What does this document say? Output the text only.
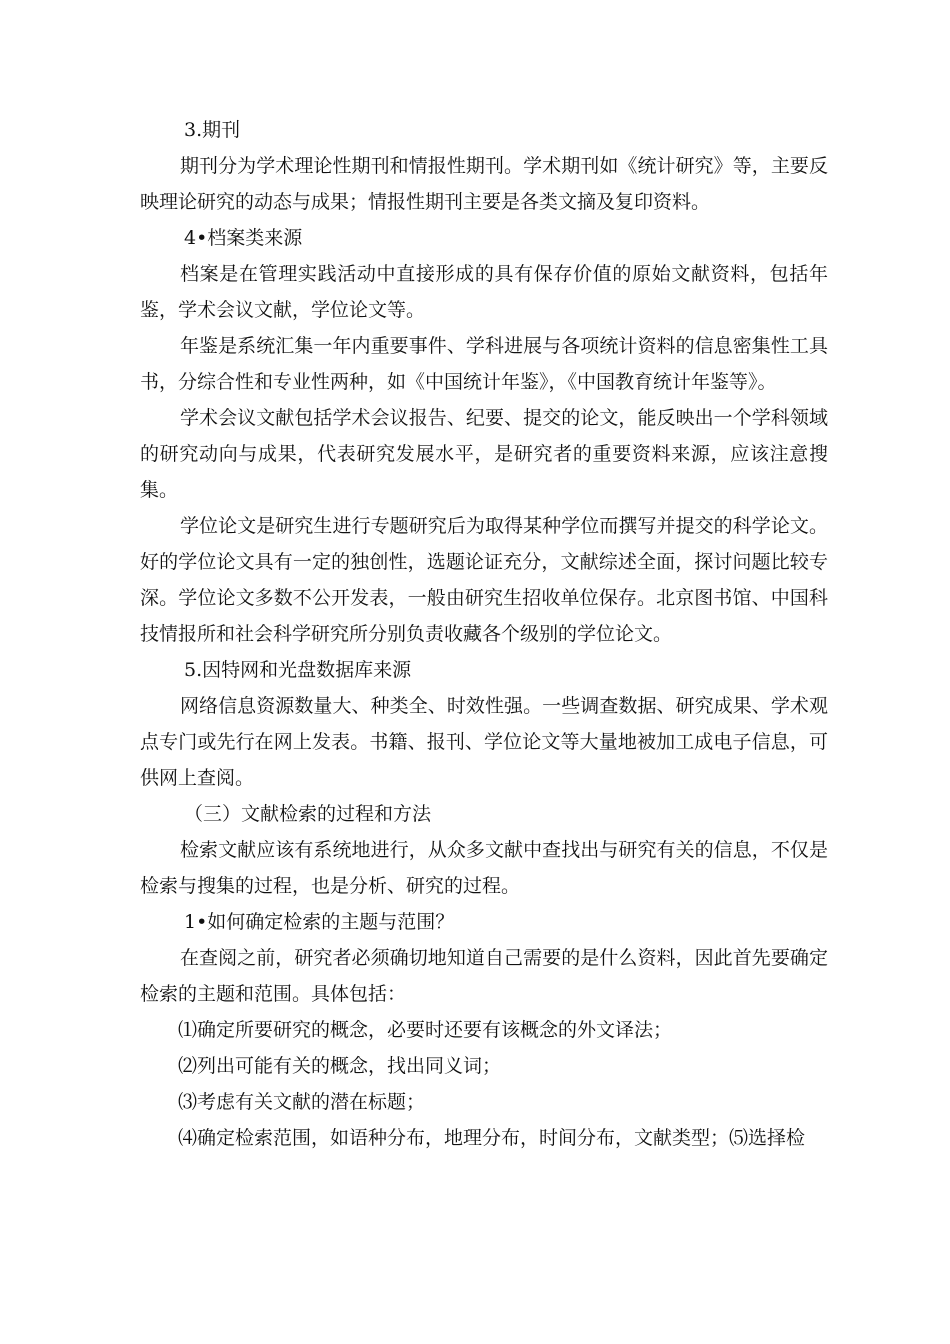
3.期刊

期刊分为学术理论性期刊和情报性期刊。学术期刊如《统计研究》等，主要反映理论研究的动态与成果；情报性期刊主要是各类文摘及复印资料。

4•档案类来源

档案是在管理实践活动中直接形成的具有保存价值的原始文献资料，包括年鉴，学术会议文献，学位论文等。

年鉴是系统汇集一年内重要事件、学科进展与各项统计资料的信息密集性工具书，分综合性和专业性两种，如《中国统计年鉴》，《中国教育统计年鉴等》。

学术会议文献包括学术会议报告、纪要、提交的论文，能反映出一个学科领域的研究动向与成果，代表研究发展水平，是研究者的重要资料来源，应该注意搜集。

学位论文是研究生进行专题研究后为取得某种学位而撰写并提交的科学论文。好的学位论文具有一定的独创性，选题论证充分，文献综述全面，探讨问题比较专深。学位论文多数不公开发表，一般由研究生招收单位保存。北京图书馆、中国科技情报所和社会科学研究所分别负责收藏各个级别的学位论文。

5.因特网和光盘数据库来源

网络信息资源数量大、种类全、时效性强。一些调查数据、研究成果、学术观点专门或先行在网上发表。书籍、报刊、学位论文等大量地被加工成电子信息，可供网上查阅。

（三）文献检索的过程和方法

检索文献应该有系统地进行，从众多文献中查找出与研究有关的信息，不仅是检索与搜集的过程，也是分析、研究的过程。

1•如何确定检索的主题与范围？

在查阅之前，研究者必须确切地知道自己需要的是什么资料，因此首先要确定检索的主题和范围。具体包括：

⑴确定所要研究的概念，必要时还要有该概念的外文译法；

⑵列出可能有关的概念，找出同义词；

⑶考虑有关文献的潜在标题；

⑷确定检索范围，如语种分布，地理分布，时间分布，文献类型；⑸选择检
